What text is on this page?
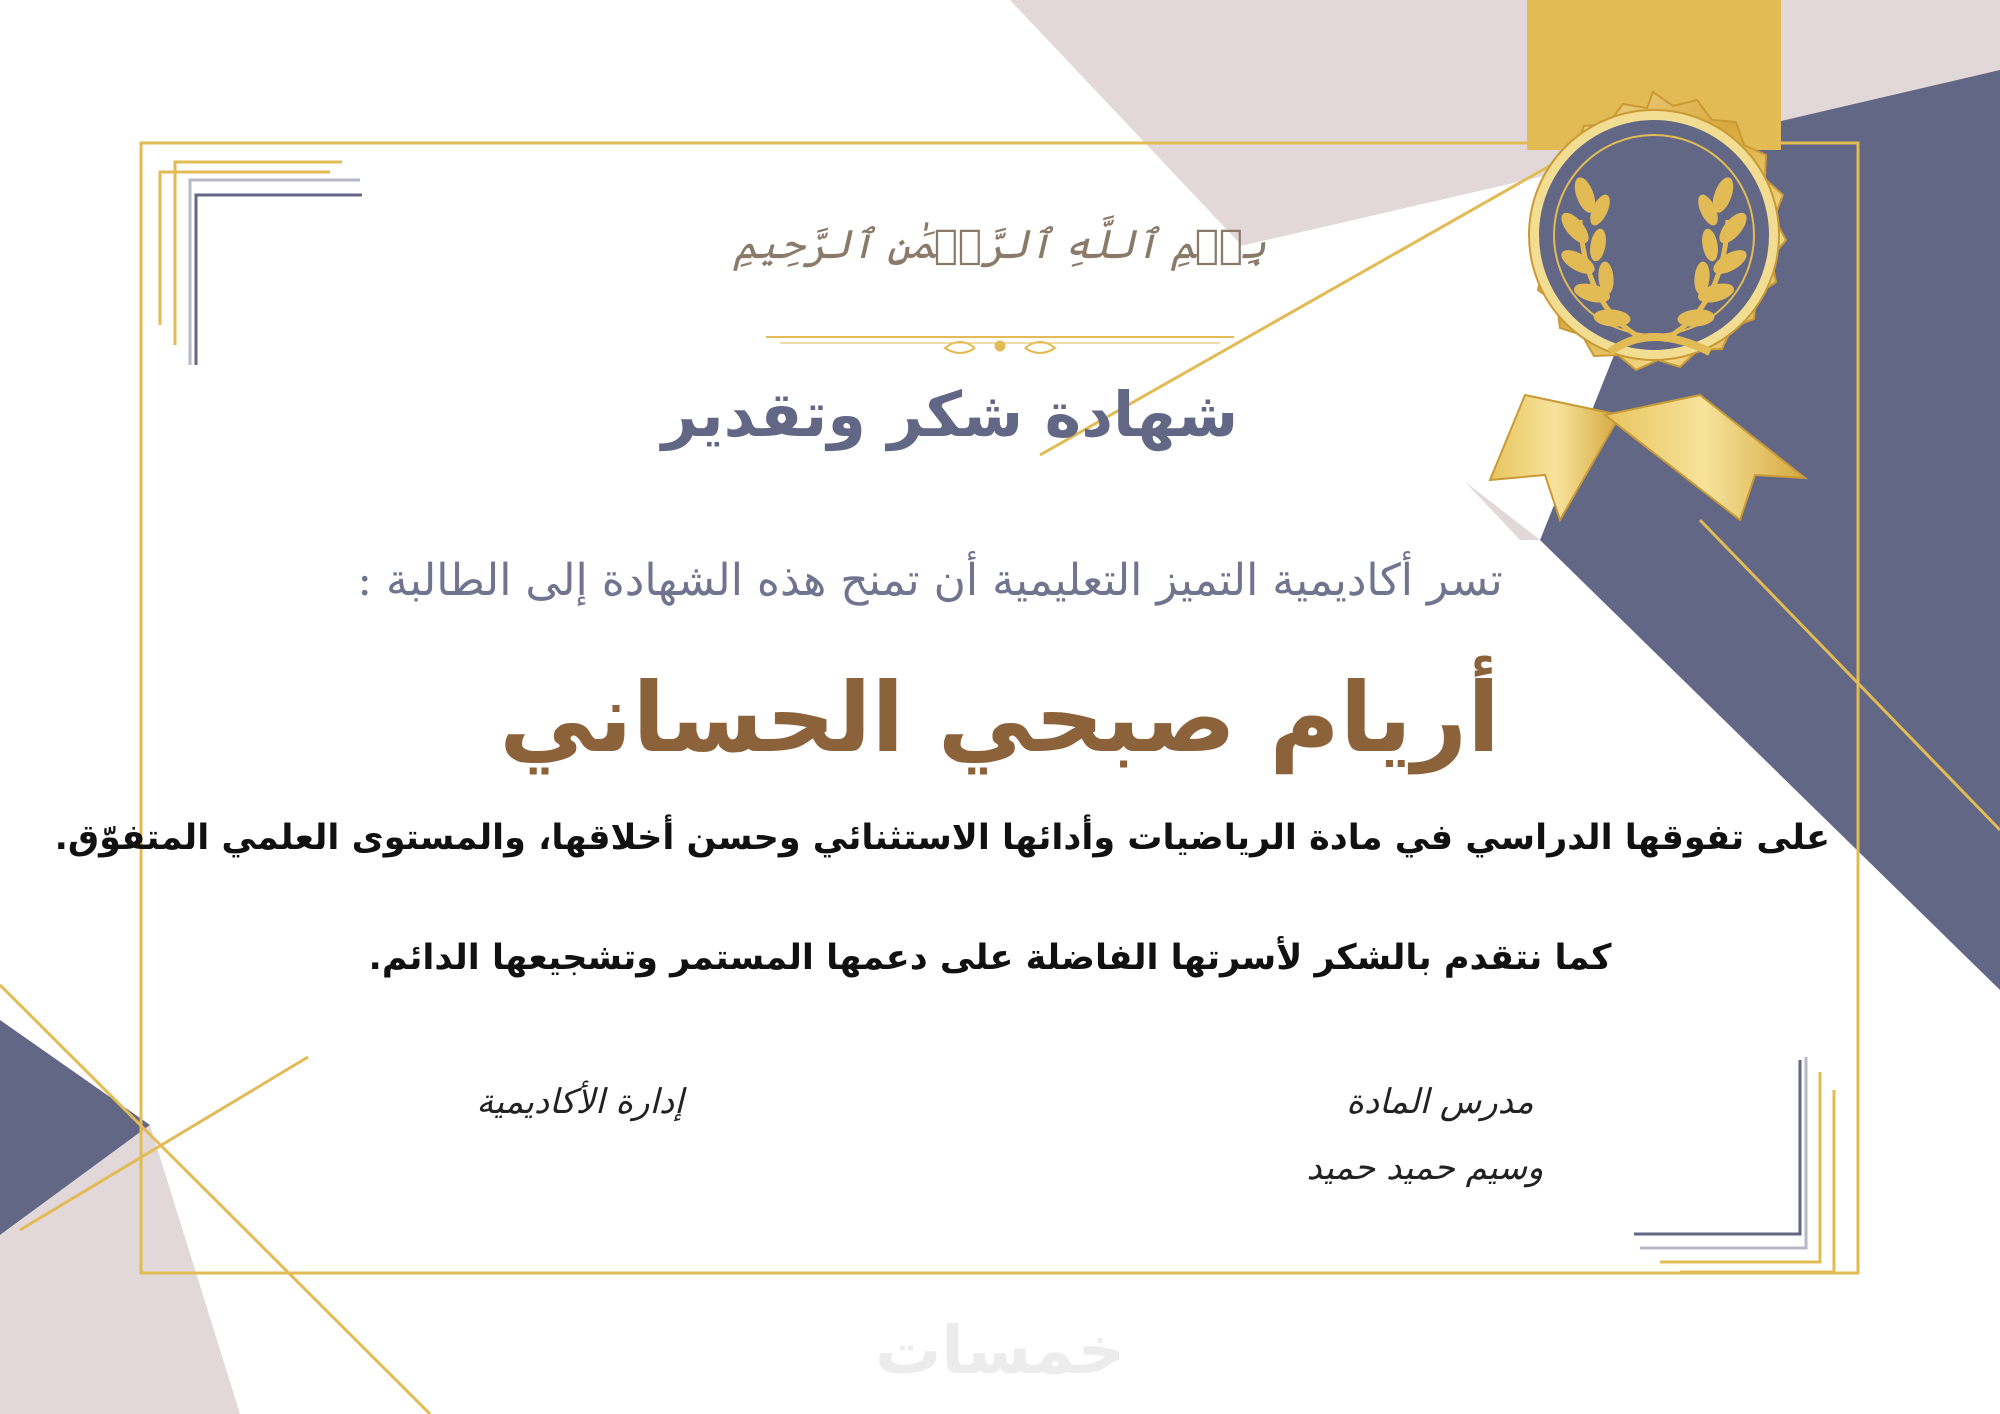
بِسۡمِ ٱللَّهِ ٱلرَّحۡمَٰنِ ٱلرَّحِيمِ

شهادة شكر وتقدير

تسر أكاديمية التميز التعليمية أن تمنح هذه الشهادة إلى الطالبة :

أريام صبحي الحساني

على تفوقها الدراسي في مادة الرياضيات وأدائها الاستثنائي وحسن أخلاقها، والمستوى العلمي المتفوّق.

كما نتقدم بالشكر لأسرتها الفاضلة على دعمها المستمر وتشجيعها الدائم.

مدرس المادة

وسيم حميد حميد

إدارة الأكاديمية

خمسات
